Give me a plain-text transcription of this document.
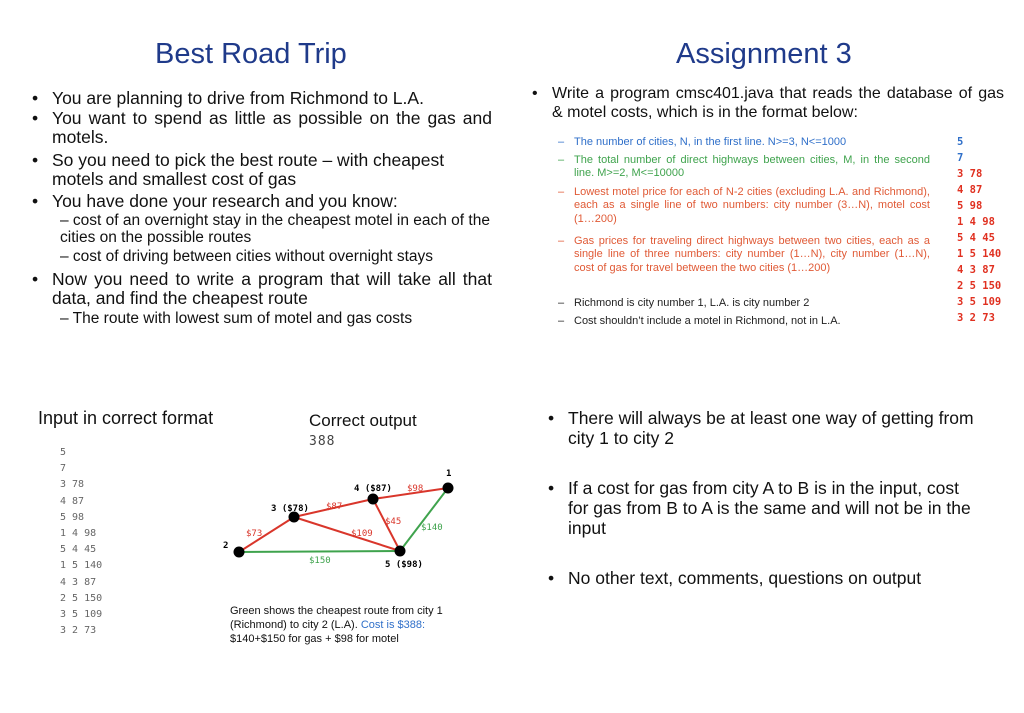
Best Road Trip
• You are planning to drive from Richmond to L.A.
• You want to spend as little as possible on the gas and motels.
• So you need to pick the best route – with cheapest motels and smallest cost of gas
• You have done your research and you know:
– cost of an overnight stay in the cheapest motel in each of the cities on the possible routes
– cost of driving between cities without overnight stays
• Now you need to write a program that will take all that data, and find the cheapest route
– The route with lowest sum of motel and gas costs
Assignment 3
• Write a program cmsc401.java that reads the database of gas & motel costs, which is in the format below:
– The number of cities, N, in the first line. N>=3, N<=1000
– The total number of direct highways between cities, M, in the second line. M>=2, M<=10000
– Lowest motel price for each of N-2 cities (excluding L.A. and Richmond), each as a single line of two numbers: city number (3…N), motel cost (1…200)
– Gas prices for traveling direct highways between two cities, each as a single line of three numbers: city number (1…N), city number (1…N), cost of gas for travel between the two cities (1…200)
– Richmond is city number 1, L.A. is city number 2
– Cost shouldn’t include a motel in Richmond, not in L.A.
5
7
3 78
4 87
5 98
1 4 98
5 4 45
1 5 140
4 3 87
2 5 150
3 5 109
3 2 73
Input in correct format
5
7
3 78
4 87
5 98
1 4 98
5 4 45
1 5 140
4 3 87
2 5 150
3 5 109
3 2 73
Correct output
388
1
2
3 ($78)
4 ($87)
5 ($98)
$98
$87
$73	$109
$45
$140
$150
Green shows the cheapest route from city 1 (Richmond) to city 2 (L.A). Cost is $388:
$140+$150 for gas + $98 for motel
• There will always be at least one way of getting from city 1 to city 2
• If a cost for gas from city A to B is in the input, cost for gas from B to A is the same and will not be in the input
• No other text, comments, questions on output
